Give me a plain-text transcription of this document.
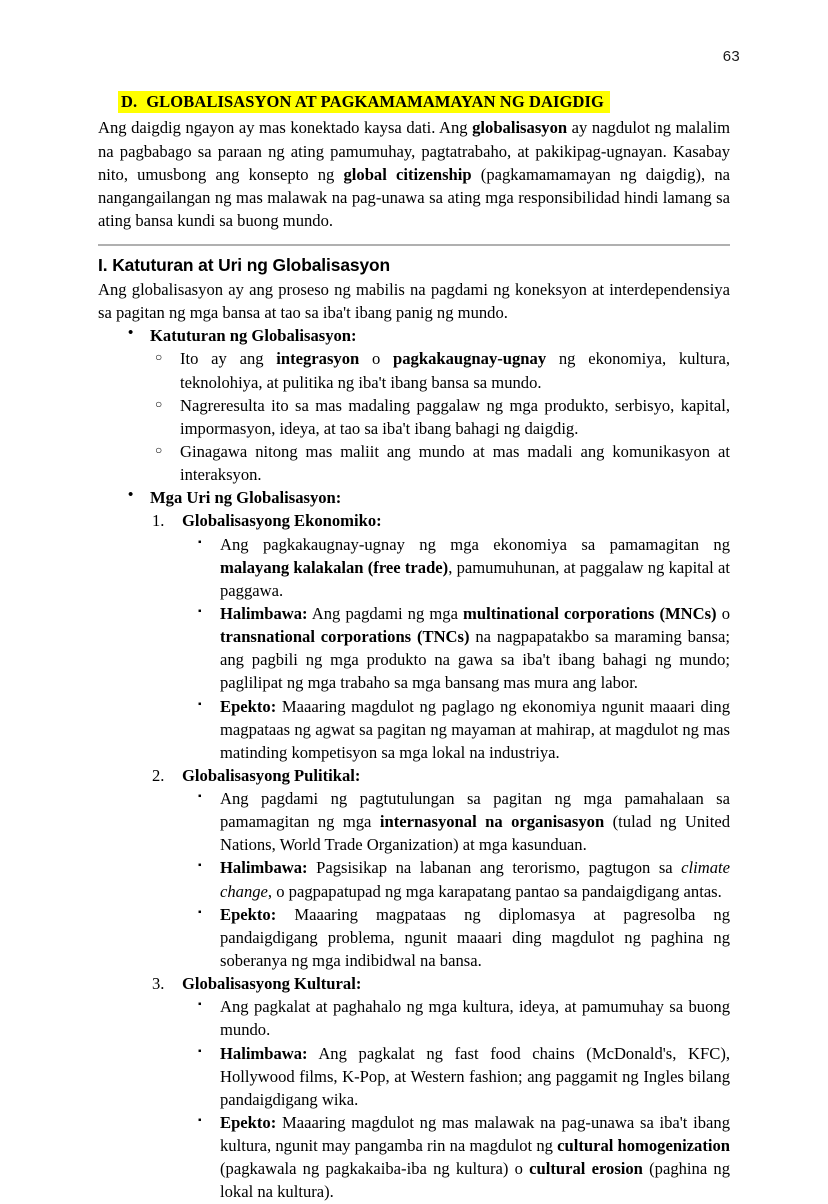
63
D. GLOBALISASYON AT PAGKAMAMAMAYAN NG DAIGDIG

Ang daigdig ngayon ay mas konektado kaysa dati. Ang globalisasyon ay nagdulot ng malalim na pagbabago sa paraan ng ating pamumuhay, pagtatrabaho, at pakikipag-ugnayan. Kasabay nito, umusbong ang konsepto ng global citizenship (pagkamamamayan ng daigdig), na nangangailangan ng mas malawak na pag-unawa sa ating mga responsibilidad hindi lamang sa ating bansa kundi sa buong mundo.

I. Katuturan at Uri ng Globalisasyon

Ang globalisasyon ay ang proseso ng mabilis na pagdami ng koneksyon at interdependensiya sa pagitan ng mga bansa at tao sa iba't ibang panig ng mundo.

• Katuturan ng Globalisasyon:
○ Ito ay ang integrasyon o pagkakaugnay-ugnay ng ekonomiya, kultura, teknolohiya, at pulitika ng iba't ibang bansa sa mundo.
○ Nagreresulta ito sa mas madaling paggalaw ng mga produkto, serbisyo, kapital, impormasyon, ideya, at tao sa iba't ibang bahagi ng daigdig.
○ Ginagawa nitong mas maliit ang mundo at mas madali ang komunikasyon at interaksyon.
• Mga Uri ng Globalisasyon:
1. Globalisasyong Ekonomiko:
▪ Ang pagkakaugnay-ugnay ng mga ekonomiya sa pamamagitan ng malayang kalakalan (free trade), pamumuhunan, at paggalaw ng kapital at paggawa.
▪ Halimbawa: Ang pagdami ng mga multinational corporations (MNCs) o transnational corporations (TNCs) na nagpapatakbo sa maraming bansa; ang pagbili ng mga produkto na gawa sa iba't ibang bahagi ng mundo; paglilipat ng mga trabaho sa mga bansang mas mura ang labor.
▪ Epekto: Maaaring magdulot ng paglago ng ekonomiya ngunit maaari ding magpataas ng agwat sa pagitan ng mayaman at mahirap, at magdulot ng mas matinding kompetisyon sa mga lokal na industriya.
2. Globalisasyong Pulitikal:
▪ Ang pagdami ng pagtutulungan sa pagitan ng mga pamahalaan sa pamamagitan ng mga internasyonal na organisasyon (tulad ng United Nations, World Trade Organization) at mga kasunduan.
▪ Halimbawa: Pagsisikap na labanan ang terorismo, pagtugon sa climate change, o pagpapatupad ng mga karapatang pantao sa pandaigdigang antas.
▪ Epekto: Maaaring magpataas ng diplomasya at pagresolba ng pandaigdigang problema, ngunit maaari ding magdulot ng paghina ng soberanya ng mga indibidwal na bansa.
3. Globalisasyong Kultural:
▪ Ang pagkalat at paghahalo ng mga kultura, ideya, at pamumuhay sa buong mundo.
▪ Halimbawa: Ang pagkalat ng fast food chains (McDonald's, KFC), Hollywood films, K-Pop, at Western fashion; ang paggamit ng Ingles bilang pandaigdigang wika.
▪ Epekto: Maaaring magdulot ng mas malawak na pag-unawa sa iba't ibang kultura, ngunit may pangamba rin na magdulot ng cultural homogenization (pagkawala ng pagkakaiba-iba ng kultura) o cultural erosion (paghina ng lokal na kultura).
